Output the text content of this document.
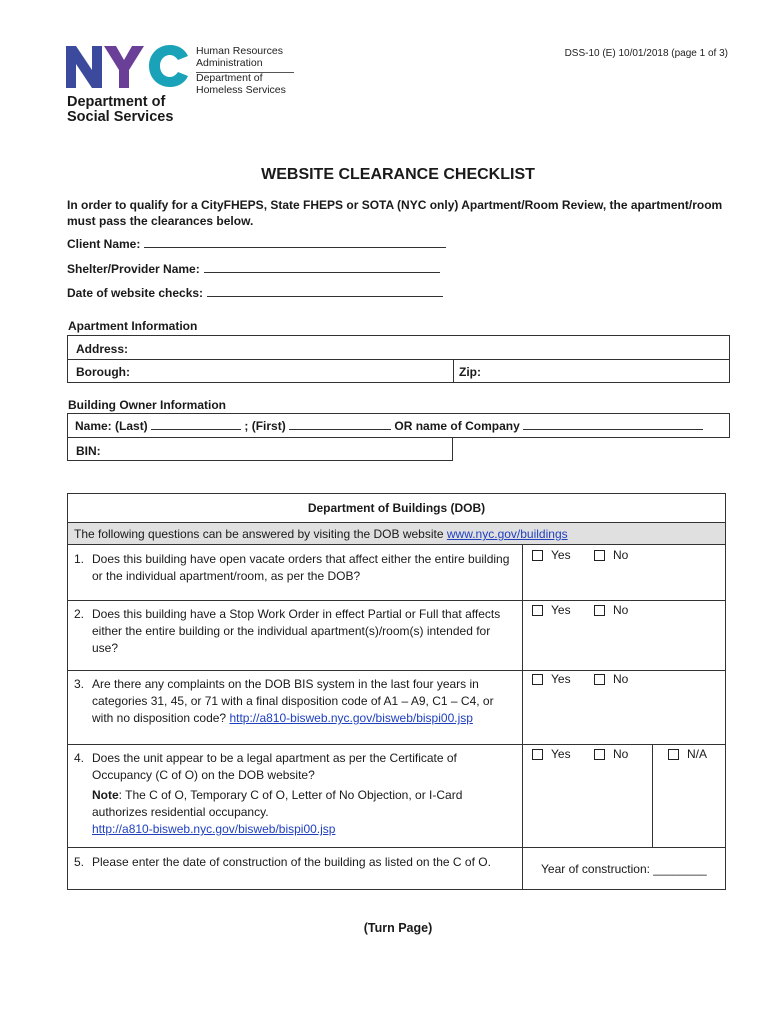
Department of
Social Services
Human Resources
Administration
Department of
Homeless Services
DSS-10 (E) 10/01/2018 (page 1 of 3)
WEBSITE CLEARANCE CHECKLIST
In order to qualify for a CityFHEPS, State FHEPS or SOTA (NYC only) Apartment/Room Review, the apartment/room must pass the clearances below.
Client Name:
Shelter/Provider Name:
Date of website checks:
Apartment Information
Address:
Borough:	Zip:
Building Owner Information
Name: (Last)	; (First)	OR name of Company
BIN:
Department of Buildings (DOB)
The following questions can be answered by visiting the DOB website www.nyc.gov/buildings
1. Does this building have open vacate orders that affect either the entire building or the individual apartment/room, as per the DOB?
Yes	No
2. Does this building have a Stop Work Order in effect Partial or Full that affects either the entire building or the individual apartment(s)/room(s) intended for use?
Yes	No
3. Are there any complaints on the DOB BIS system in the last four years in categories 31, 45, or 71 with a final disposition code of A1 – A9, C1 – C4, or with no disposition code? http://a810-bisweb.nyc.gov/bisweb/bispi00.jsp
Yes	No
4. Does the unit appear to be a legal apartment as per the Certificate of Occupancy (C of O) on the DOB website?
Note: The C of O, Temporary C of O, Letter of No Objection, or I-Card authorizes residential occupancy.
http://a810-bisweb.nyc.gov/bisweb/bispi00.jsp
Yes	No	N/A
5. Please enter the date of construction of the building as listed on the C of O.	Year of construction: ________
(Turn Page)
